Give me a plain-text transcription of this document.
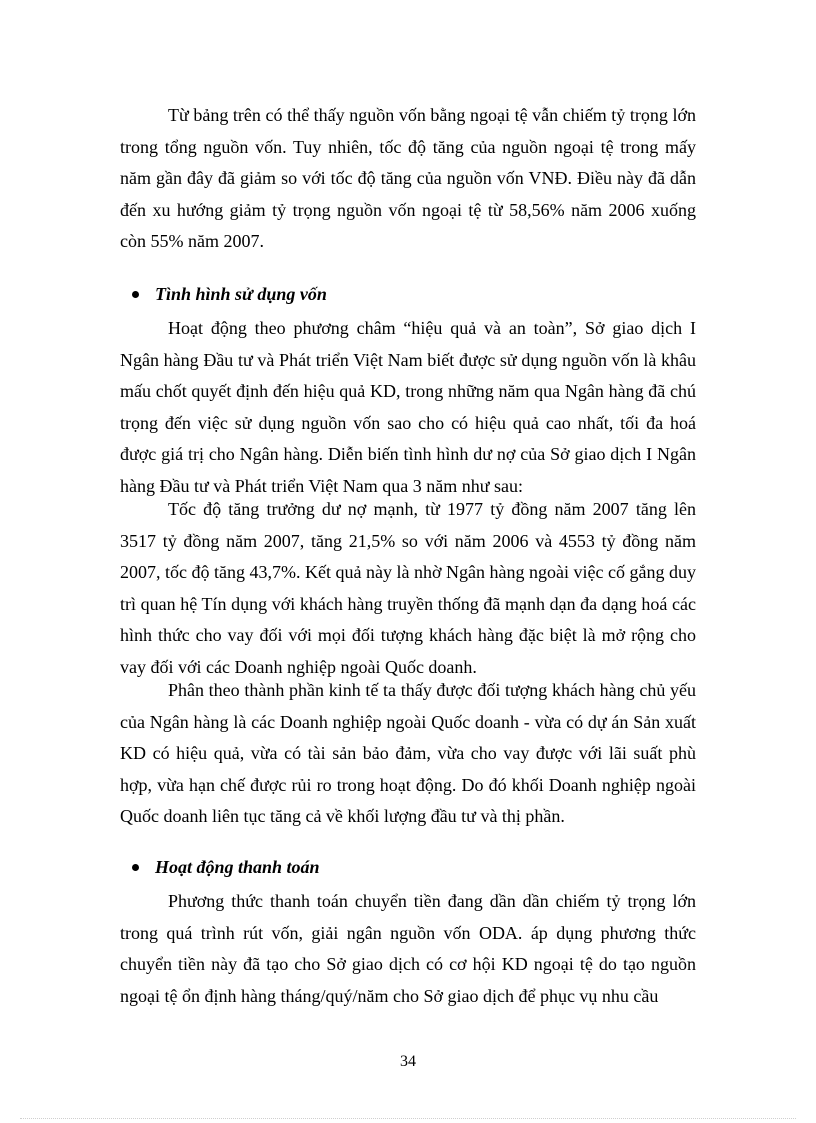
Từ bảng trên có thể thấy nguồn vốn bằng ngoại tệ vẫn chiếm tỷ trọng lớn trong tổng nguồn vốn. Tuy nhiên, tốc độ tăng của nguồn ngoại tệ trong mấy năm gần đây đã giảm so với tốc độ tăng của nguồn vốn VNĐ. Điều này đã dẫn đến xu hướng giảm tỷ trọng nguồn vốn ngoại tệ từ 58,56% năm 2006 xuống còn 55% năm 2007.

Tình hình sử dụng vốn

Hoạt động theo phương châm “hiệu quả và an toàn”, Sở giao dịch I Ngân hàng Đầu tư và Phát triển Việt Nam biết được sử dụng nguồn vốn là khâu mấu chốt quyết định đến hiệu quả KD, trong những năm qua Ngân hàng đã chú trọng đến việc sử dụng nguồn vốn sao cho có hiệu quả cao nhất, tối đa hoá được giá trị cho Ngân hàng. Diễn biến tình hình dư nợ của Sở giao dịch I Ngân hàng Đầu tư và Phát triển Việt Nam qua 3 năm như sau:

Tốc độ tăng trưởng dư nợ mạnh, từ 1977 tỷ đồng năm 2007 tăng lên 3517 tỷ đồng năm 2007, tăng 21,5% so với năm 2006 và 4553 tỷ đồng năm 2007, tốc độ tăng 43,7%. Kết quả này là nhờ Ngân hàng ngoài việc cố gắng duy trì quan hệ Tín dụng với khách hàng truyền thống đã mạnh dạn đa dạng hoá các hình thức cho vay đối với mọi đối tượng khách hàng đặc biệt là mở rộng cho vay đối với các Doanh nghiệp ngoài Quốc doanh.

Phân theo thành phần kinh tế ta thấy được đối tượng khách hàng chủ yếu của Ngân hàng là các Doanh nghiệp ngoài Quốc doanh - vừa có dự án Sản xuất KD có hiệu quả, vừa có tài sản bảo đảm, vừa cho vay được với lãi suất phù hợp, vừa hạn chế được rủi ro trong hoạt động. Do đó khối Doanh nghiệp ngoài Quốc doanh liên tục tăng cả về khối lượng đầu tư và thị phần.

Hoạt động thanh toán

Phương thức thanh toán chuyển tiền đang dần dần chiếm tỷ trọng lớn trong quá trình rút vốn, giải ngân nguồn vốn ODA. áp dụng phương thức chuyển tiền này đã tạo cho Sở giao dịch có cơ hội KD ngoại tệ do tạo nguồn ngoại tệ ổn định hàng tháng/quý/năm cho Sở giao dịch để phục vụ nhu cầu

34
